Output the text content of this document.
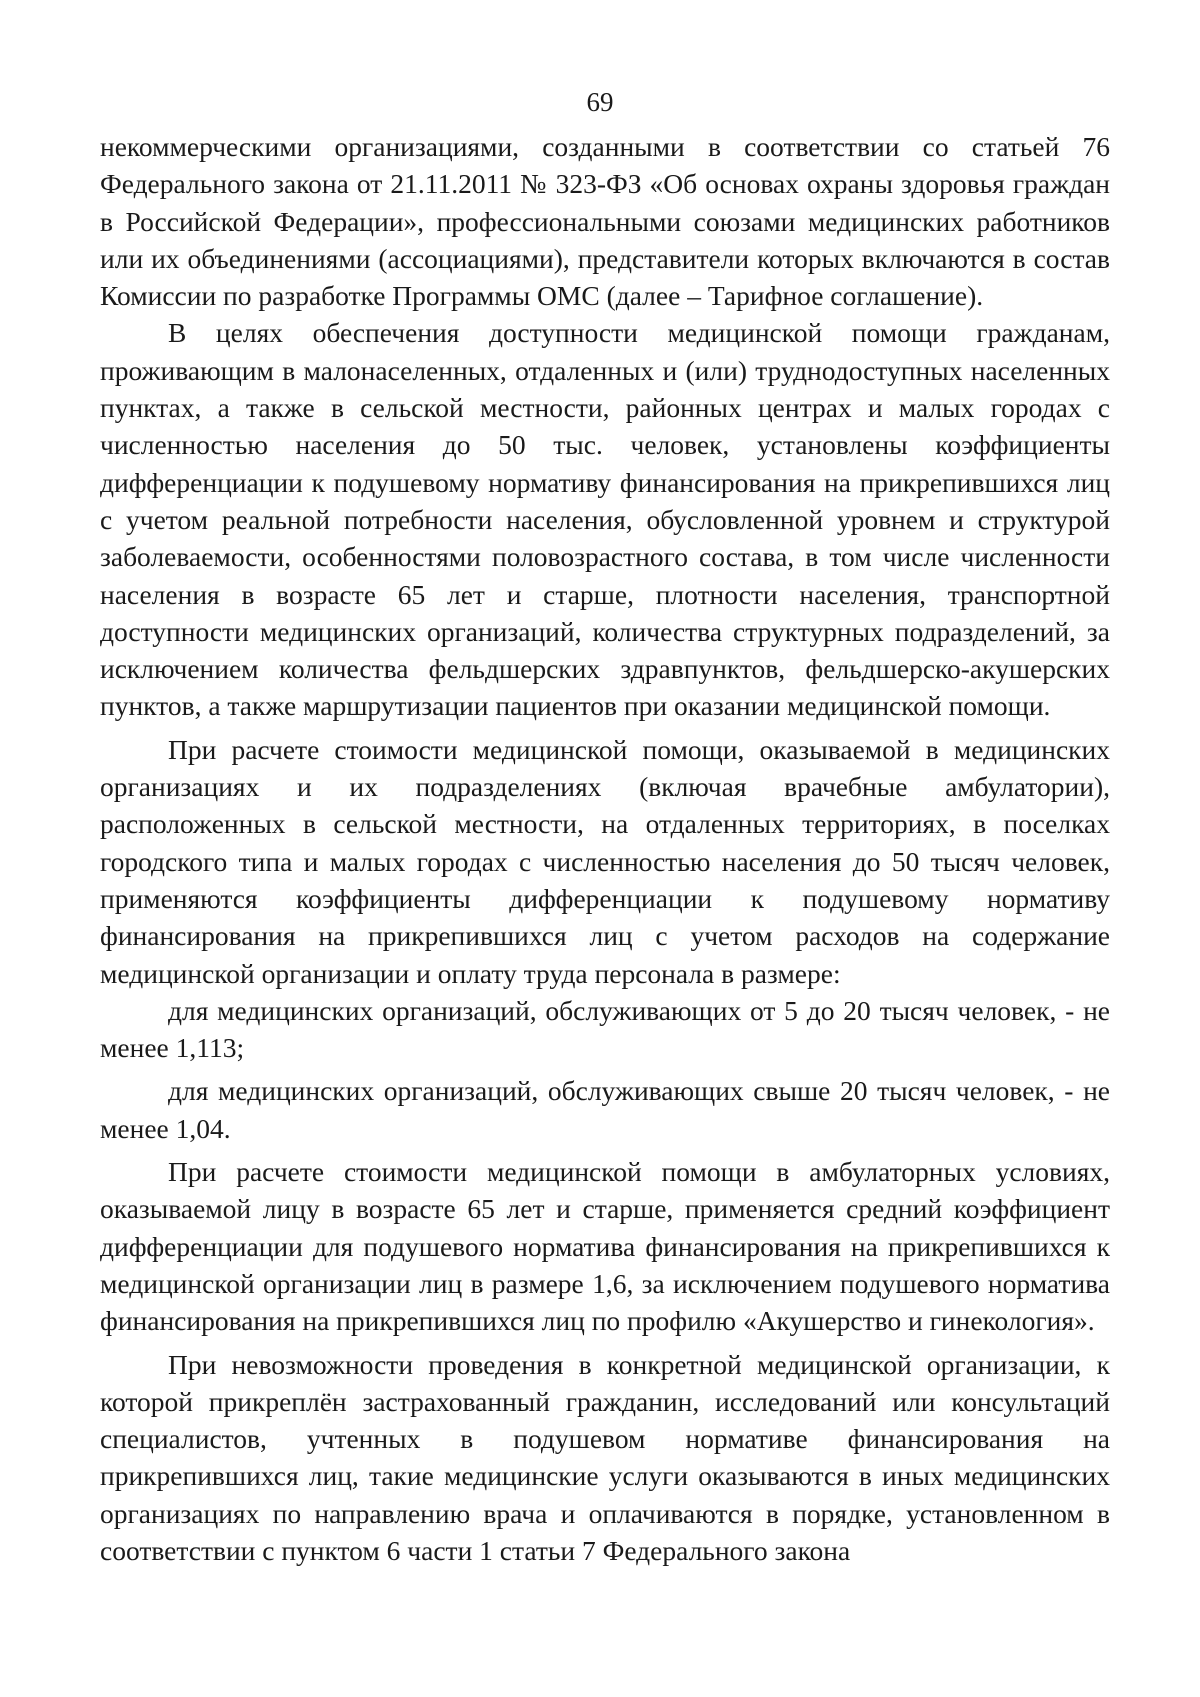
69

некоммерческими организациями, созданными в соответствии со статьей 76 Федерального закона от 21.11.2011 № 323-ФЗ «Об основах охраны здоровья граждан в Российской Федерации», профессиональными союзами медицинских работников или их объединениями (ассоциациями), представители которых включаются в состав Комиссии по разработке Программы ОМС (далее – Тарифное соглашение).

В целях обеспечения доступности медицинской помощи гражданам, проживающим в малонаселенных, отдаленных и (или) труднодоступных населенных пунктах, а также в сельской местности, районных центрах и малых городах с численностью населения до 50 тыс. человек, установлены коэффициенты дифференциации к подушевому нормативу финансирования на прикрепившихся лиц с учетом реальной потребности населения, обусловленной уровнем и структурой заболеваемости, особенностями половозрастного состава, в том числе численности населения в возрасте 65 лет и старше, плотности населения, транспортной доступности медицинских организаций, количества структурных подразделений, за исключением количества фельдшерских здравпунктов, фельдшерско-акушерских пунктов, а также маршрутизации пациентов при оказании медицинской помощи.

При расчете стоимости медицинской помощи, оказываемой в медицинских организациях и их подразделениях (включая врачебные амбулатории), расположенных в сельской местности, на отдаленных территориях, в поселках городского типа и малых городах с численностью населения до 50 тысяч человек, применяются коэффициенты дифференциации к подушевому нормативу финансирования на прикрепившихся лиц с учетом расходов на содержание медицинской организации и оплату труда персонала в размере:

для медицинских организаций, обслуживающих от 5 до 20 тысяч человек, - не менее 1,113;

для медицинских организаций, обслуживающих свыше 20 тысяч человек, - не менее 1,04.

При расчете стоимости медицинской помощи в амбулаторных условиях, оказываемой лицу в возрасте 65 лет и старше, применяется средний коэффициент дифференциации для подушевого норматива финансирования на прикрепившихся к медицинской организации лиц в размере 1,6, за исключением подушевого норматива финансирования на прикрепившихся лиц по профилю «Акушерство и гинекология».

При невозможности проведения в конкретной медицинской организации, к которой прикреплён застрахованный гражданин, исследований или консультаций специалистов, учтенных в подушевом нормативе финансирования на прикрепившихся лиц, такие медицинские услуги оказываются в иных медицинских организациях по направлению врача и оплачиваются в порядке, установленном в соответствии с пунктом 6 части 1 статьи 7 Федерального закона
